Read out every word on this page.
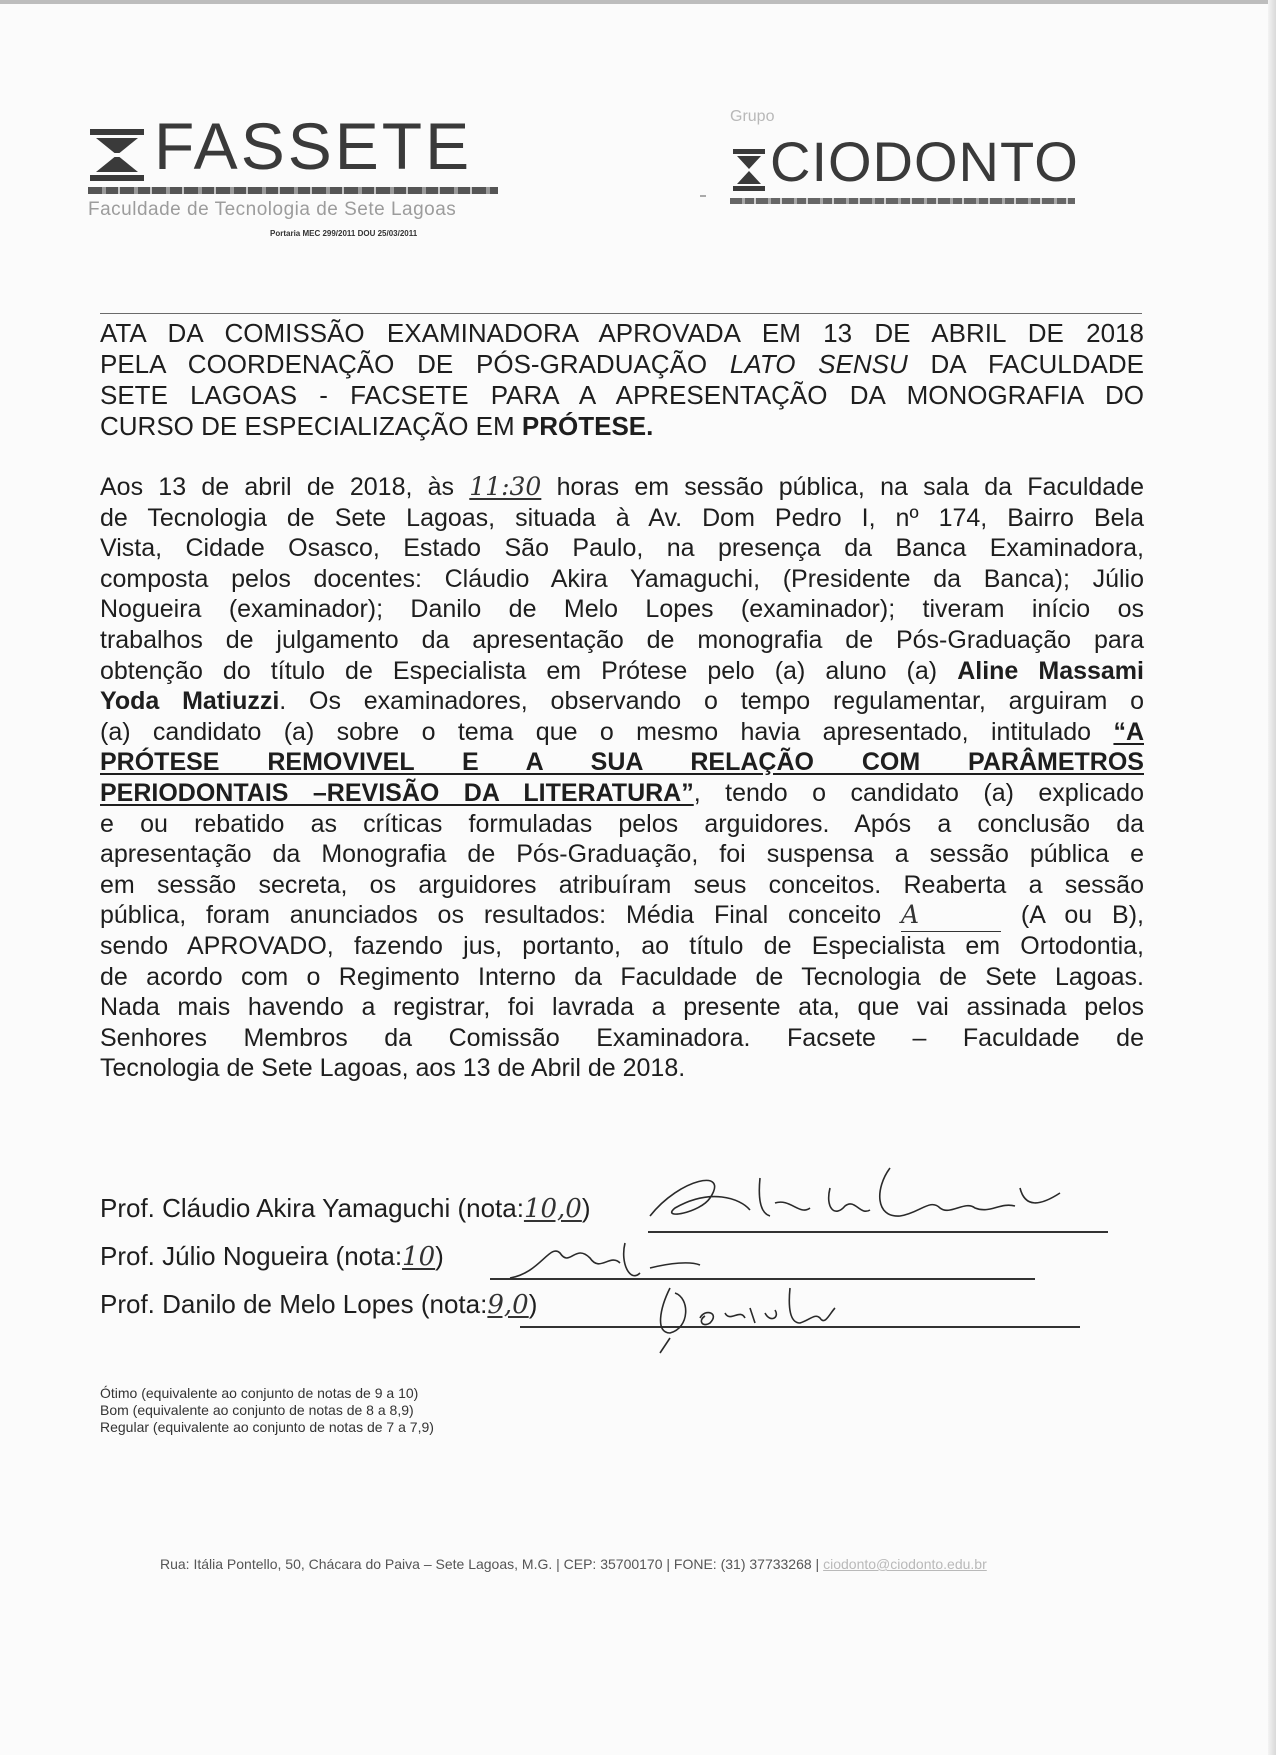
FASSETE
Faculdade de Tecnologia de Sete Lagoas
Portaria MEC 299/2011 DOU 25/03/2011
Grupo
CIODONTO
ATA DA COMISSÃO EXAMINADORA APROVADA EM 13 DE ABRIL DE 2018
PELA COORDENAÇÃO DE PÓS-GRADUAÇÃO LATO SENSU DA FACULDADE
SETE LAGOAS - FACSETE PARA A APRESENTAÇÃO DA MONOGRAFIA DO
CURSO DE ESPECIALIZAÇÃO EM PRÓTESE.
Aos 13 de abril de 2018, às 11:30 horas em sessão pública, na sala da Faculdade
de Tecnologia de Sete Lagoas, situada à Av. Dom Pedro I, nº 174, Bairro Bela
Vista, Cidade Osasco, Estado São Paulo, na presença da Banca Examinadora,
composta pelos docentes: Cláudio Akira Yamaguchi, (Presidente da Banca); Júlio
Nogueira (examinador); Danilo de Melo Lopes (examinador); tiveram início os
trabalhos de julgamento da apresentação de monografia de Pós-Graduação para
obtenção do título de Especialista em Prótese pelo (a) aluno (a) Aline Massami
Yoda Matiuzzi. Os examinadores, observando o tempo regulamentar, arguiram o
(a) candidato (a) sobre o tema que o mesmo havia apresentado, intitulado “A
PRÓTESE REMOVIVEL E A SUA RELAÇÃO COM PARÂMETROS
PERIODONTAIS –REVISÃO DA LITERATURA”, tendo o candidato (a) explicado
e ou rebatido as críticas formuladas pelos arguidores. Após a conclusão da
apresentação da Monografia de Pós-Graduação, foi suspensa a sessão pública e
em sessão secreta, os arguidores atribuíram seus conceitos. Reaberta a sessão
pública, foram anunciados os resultados: Média Final conceito A	(A ou B),
sendo APROVADO, fazendo jus, portanto, ao título de Especialista em Ortodontia,
de acordo com o Regimento Interno da Faculdade de Tecnologia de Sete Lagoas.
Nada mais havendo a registrar, foi lavrada a presente ata, que vai assinada pelos
Senhores Membros da Comissão Examinadora. Facsete – Faculdade de
Tecnologia de Sete Lagoas, aos 13 de Abril de 2018.
Prof. Cláudio Akira Yamaguchi (nota:10,0)
Prof. Júlio Nogueira (nota:10)
Prof. Danilo de Melo Lopes (nota:9,0)
Ótimo (equivalente ao conjunto de notas de 9 a 10)
Bom (equivalente ao conjunto de notas de 8 a 8,9)
Regular (equivalente ao conjunto de notas de 7 a 7,9)
Rua: Itália Pontello, 50, Chácara do Paiva – Sete Lagoas, M.G. | CEP: 35700170 | FONE: (31) 37733268 | ciodonto@ciodonto.edu.br
